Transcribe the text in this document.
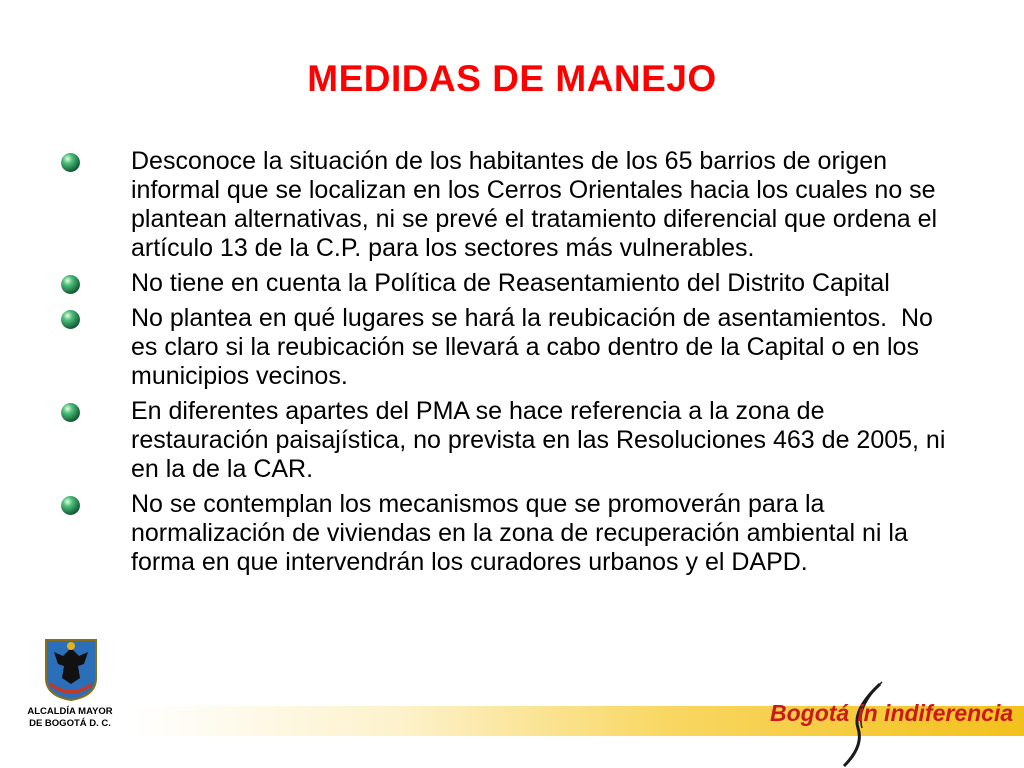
MEDIDAS DE MANEJO
Desconoce la situación de los habitantes de los 65 barrios de origen informal que se localizan en los Cerros Orientales hacia los cuales no se plantean alternativas, ni se prevé el tratamiento diferencial que ordena el artículo 13 de la C.P. para los sectores más vulnerables.
No tiene en cuenta la Política de Reasentamiento del Distrito Capital
No plantea en qué lugares se hará la reubicación de asentamientos.  No es claro si la reubicación se llevará a cabo dentro de la Capital o en los municipios vecinos.
En diferentes apartes del PMA se hace referencia a la zona de restauración paisajística, no prevista en las Resoluciones 463 de 2005, ni  en la de la CAR.
No se contemplan los mecanismos que se promoverán para la normalización de viviendas en la zona de recuperación ambiental ni la forma en que intervendrán los curadores urbanos y el DAPD.
ALCALDÍA MAYOR
DE BOGOTÁ D. C.	Bogotá in indiferencia
